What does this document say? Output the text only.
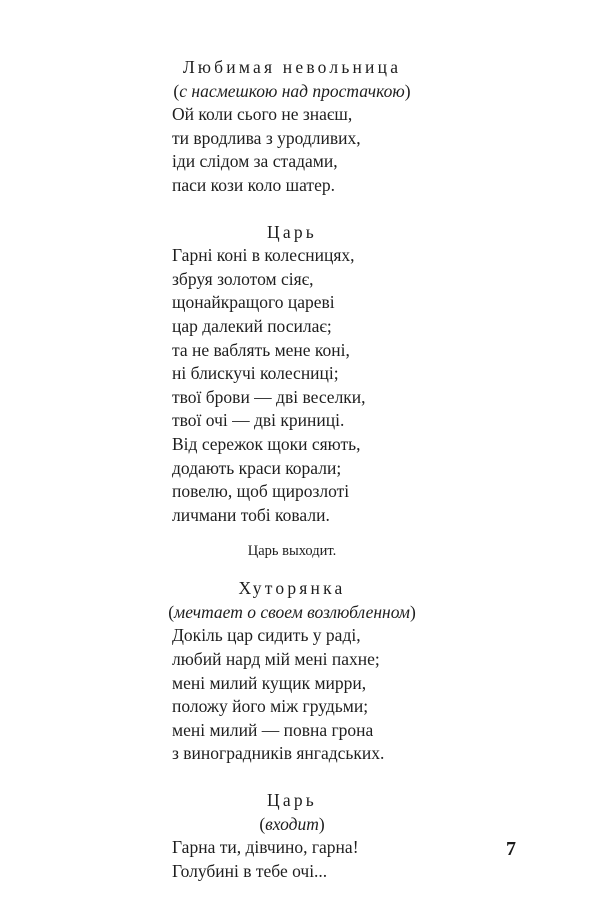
Любимая невольница
(с насмешкою над простачкою)
Ой коли сього не знаєш,
ти вродлива з уродливих,
іди слідом за стадами,
паси кози коло шатер.
Царь
Гарні коні в колесницях,
збруя золотом сіяє,
щонайкращого цареві
цар далекий посилає;
та не ваблять мене коні,
ні блискучі колесниці;
твої брови — дві веселки,
твої очі — дві криниці.
Від сережок щоки сяють,
додають краси корали;
повелю, щоб щирозлоті
личмани тобі ковали.
Царь выходит.
Хуторянка
(мечтает о своем возлюбленном)
Докіль цар сидить у раді,
любий нард мій мені пахне;
мені милий кущик мирри,
положу його між грудьми;
мені милий — повна грона
з виноградників янгадських.
Царь
(входит)
Гарна ти, дівчино, гарна!
Голубині в тебе очі...
7
